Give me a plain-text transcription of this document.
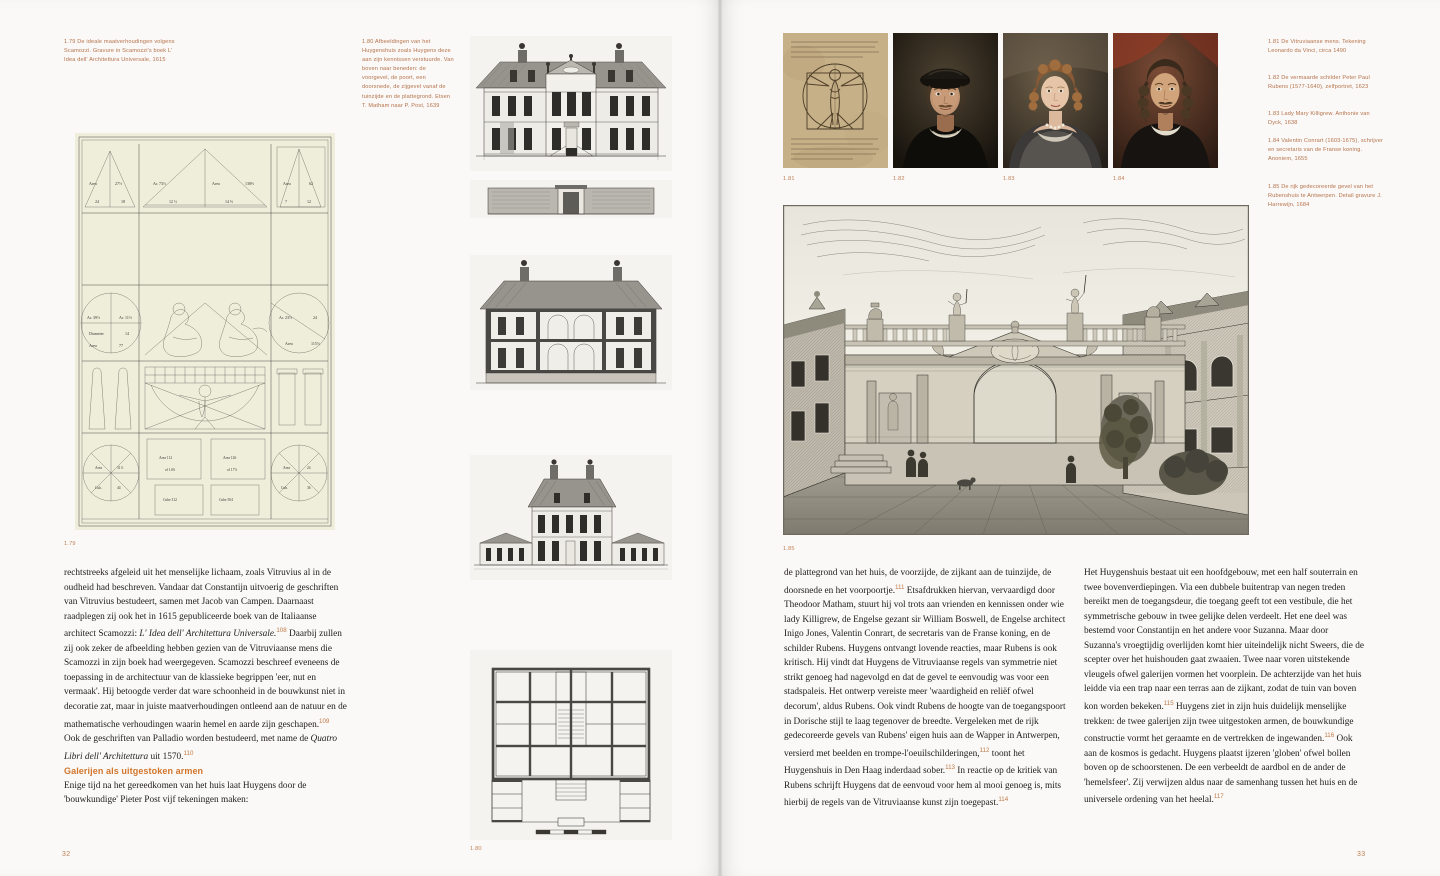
1.79 De ideale maatverhoudingen volgens Scamozzi. Gravure in Scamozzi's boek L' Idea dell' Architettura Universale, 1615
1.80 Afbeeldingen van het Huygenshuis zoals Huygens deze aan zijn kennissen verstuurde. Van boven naar beneden: de voorgevel, de poort, een doorsnede, de zijgevel vanaf de tuinzijde en de plattegrond. Etsen T. Matham naar P. Post, 1639
1.81 De Vitruviaanse mens. Tekening Leonardo da Vinci, circa 1490
1.82 De vermaarde schilder Peter Paul Rubens (1577-1640), zelfportret, 1623
1.83 Lady Mary Killigrew. Anthonie van Dyck, 1638
1.84 Valentin Conrart (1603-1675), schrijver en secretaris van de Franse koning. Anoniem, 1655
1.85 De rijk gedecoreerde gevel van het Rubenshuis te Antwerpen. Detail gravure J. Harrewijn, 1684
Area	27½	Ar. 73⅓	Area	138⅔	Area	62
24	18	12 ⅓	14 ⅔	7	12
Ar. 39½	Ar. 11½
Diameter	14
Area	77
Ar. 23½	24
Area	115⅓
Area	31⅓
Cub.	44
Area 112
of 14⅔
Area 126
of 17⅓
Cube 312	Cube 504
Area	24
Cub.	36
1.79
1.80
1.81	1.82	1.83	1.84
1.85

rechtstreeks afgeleid uit het menselijke lichaam, zoals Vitruvius al in de oudheid had beschreven. Vandaar dat Constantijn uitvoerig de geschriften van Vitruvius bestudeert, samen met Jacob van Campen. Daarnaast raadplegen zij ook het in 1615 gepubliceerde boek van de Italiaanse architect Scamozzi: L' Idea dell' Architettura Universale.$^{108}$ Daarbij zullen zij ook zeker de afbeelding hebben gezien van de Vitruviaanse mens die Scamozzi in zijn boek had weergegeven. Scamozzi beschreef eveneens de toepassing in de architectuur van de klassieke begrippen 'eer, nut en vermaak'. Hij betoogde verder dat ware schoonheid in de bouwkunst niet in decoratie zat, maar in juiste maatverhoudingen ontleend aan de natuur en de mathematische verhoudingen waarin hemel en aarde zijn geschapen.$^{109}$ Ook de geschriften van Palladio worden bestudeerd, met name de Quatro Libri dell' Architettura uit 1570.$^{110}$

Galerijen als uitgestoken armen

Enige tijd na het gereedkomen van het huis laat Huygens door de 'bouwkundige' Pieter Post vijf tekeningen maken:

de plattegrond van het huis, de voorzijde, de zijkant aan de tuinzijde, de doorsnede en het voorpoortje.$^{111}$ Etsafdrukken hiervan, vervaardigd door Theodoor Matham, stuurt hij vol trots aan vrienden en kennissen onder wie lady Killigrew, de Engelse gezant sir William Boswell, de Engelse architect Inigo Jones, Valentin Conrart, de secretaris van de Franse koning, en de schilder Rubens. Huygens ontvangt lovende reacties, maar Rubens is ook kritisch. Hij vindt dat Huygens de Vitruviaanse regels van symmetrie niet strikt genoeg had nagevolgd en dat de gevel te eenvoudig was voor een stadspaleis. Het ontwerp vereiste meer 'waardigheid en reliëf ofwel decorum', aldus Rubens. Ook vindt Rubens de hoogte van de toegangspoort in Dorische stijl te laag tegenover de breedte. Vergeleken met de rijk gedecoreerde gevels van Rubens' eigen huis aan de Wapper in Antwerpen, versierd met beelden en trompe-l'oeuilschilderingen,$^{112}$ toont het Huygenshuis in Den Haag inderdaad sober.$^{113}$ In reactie op de kritiek van Rubens schrijft Huygens dat de eenvoud voor hem al mooi genoeg is, mits hierbij de regels van de Vitruviaanse kunst zijn toegepast.$^{114}$

Het Huygenshuis bestaat uit een hoofdgebouw, met een half souterrain en twee bovenverdiepingen. Via een dubbele buitentrap van negen treden bereikt men de toegangsdeur, die toegang geeft tot een vestibule, die het symmetrische gebouw in twee gelijke delen verdeelt. Het ene deel was bestemd voor Constantijn en het andere voor Suzanna. Maar door Suzanna's vroegtijdig overlijden komt hier uiteindelijk nicht Sweers, die de scepter over het huishouden gaat zwaaien. Twee naar voren uitstekende vleugels ofwel galerijen vormen het voorplein. De achterzijde van het huis leidde via een trap naar een terras aan de zijkant, zodat de tuin van boven kon worden bekeken.$^{115}$ Huygens ziet in zijn huis duidelijk menselijke trekken: de twee galerijen zijn twee uitgestoken armen, de bouwkundige constructie vormt het geraamte en de vertrekken de ingewanden.$^{116}$ Ook aan de kosmos is gedacht. Huygens plaatst ijzeren 'globen' ofwel bollen boven op de schoorstenen. De een verbeeldt de aardbol en de ander de 'hemelsfeer'. Zij verwijzen aldus naar de samenhang tussen het huis en de universele ordening van het heelal.$^{117}$

32	33
